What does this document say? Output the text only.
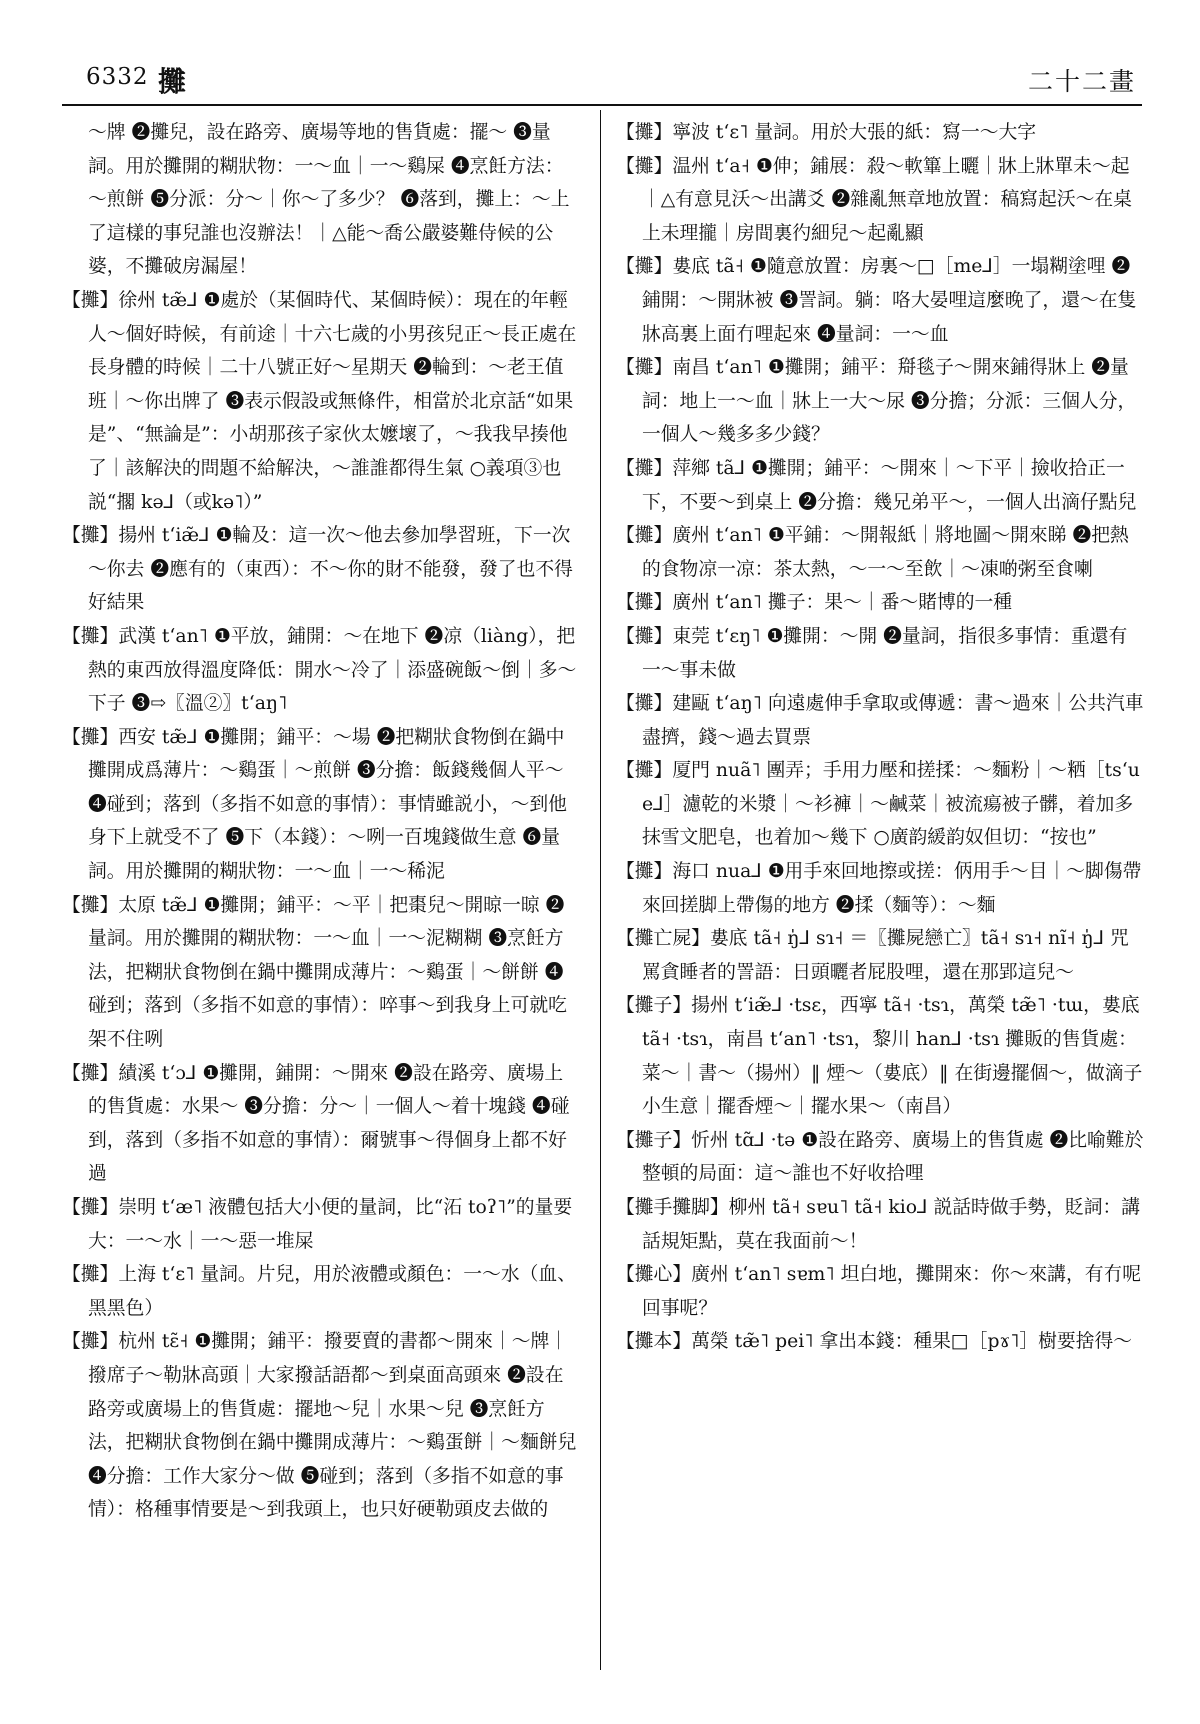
6332 攤	二十二畫

～牌 ❷攤兒，設在路旁、廣場等地的售貨處：擺～ ❸量詞。用於攤開的糊狀物：一～血｜一～鷄屎 ❹烹飪方法：～煎餅 ❺分派：分～｜你～了多少？ ❻落到，攤上：～上了這樣的事兒誰也沒辦法！｜△能～喬公嚴婆難侍候的公婆，不攤破房漏屋！

【攤】徐州 tæ̃⅃ ❶處於（某個時代、某個時候）：現在的年輕人～個好時候，有前途｜十六七歲的小男孩兒正～長正處在長身體的時候｜二十八號正好～星期天 ❷輪到：～老王值班｜～你出牌了 ❸表示假設或無條件，相當於北京話“如果是”、“無論是”：小胡那孩子家伙太嬤壞了，～我我早揍他了｜該解決的問題不給解決，～誰誰都得生氣 ○義項③也説“擱 kə⅃（或kə˥）”

【攤】揚州 tʻiæ̃⅃ ❶輪及：這一次～他去參加學習班，下一次～你去 ❷應有的（東西）：不～你的財不能發，發了也不得好結果

【攤】武漢 tʻan˥ ❶平放，鋪開：～在地下 ❷凉（liàng），把熱的東西放得溫度降低：開水～冷了｜添盛碗飯～倒｜多～下子 ❸⇨〖溫②〗tʻaŋ˥

【攤】西安 tæ̃⅃ ❶攤開；鋪平：～場 ❷把糊狀食物倒在鍋中攤開成爲薄片：～鷄蛋｜～煎餅 ❸分擔：飯錢幾個人平～ ❹碰到；落到（多指不如意的事情）：事情雖説小，～到他身下上就受不了 ❺下（本錢）：～咧一百塊錢做生意 ❻量詞。用於攤開的糊狀物：一～血｜一～稀泥

【攤】太原 tæ̃⅃ ❶攤開；鋪平：～平｜把棗兒～開晾一晾 ❷量詞。用於攤開的糊狀物：一～血｜一～泥糊糊 ❸烹飪方法，把糊狀食物倒在鍋中攤開成薄片：～鷄蛋｜～餅餅 ❹碰到；落到（多指不如意的事情）：啐事～到我身上可就吃架不住咧

【攤】績溪 tʻɔ⅃ ❶攤開，鋪開：～開來 ❷設在路旁、廣場上的售貨處：水果～ ❸分擔：分～｜一個人～着十塊錢 ❹碰到，落到（多指不如意的事情）：爾號事～得個身上都不好過

【攤】崇明 tʻæ˥ 液體包括大小便的量詞，比“沰 toʔ˥”的量要大：一～水｜一～惡一堆屎

【攤】上海 tʻɛ˥ 量詞。片兒，用於液體或顏色：一～水（血、黑黑色）

【攤】杭州 tɛ̃˧ ❶攤開；鋪平：撥要賣的書都～開來｜～牌｜撥席子～勒牀高頭｜大家撥話語都～到桌面高頭來 ❷設在路旁或廣場上的售貨處：擺地～兒｜水果～兒 ❸烹飪方法，把糊狀食物倒在鍋中攤開成薄片：～鷄蛋餅｜～麵餅兒 ❹分擔：工作大家分～做 ❺碰到；落到（多指不如意的事情）：格種事情要是～到我頭上，也只好硬勒頭皮去做的

【攤】寧波 tʻɛ˥ 量詞。用於大張的紙：寫一～大字

【攤】温州 tʻa˧ ❶伸；鋪展：殺～軟篳上曬｜牀上牀單未～起｜△有意見沃～出講爻 ❷雜亂無章地放置：稿寫起沃～在桌上未理攏｜房間裏彴細兒～起亂顯

【攤】婁底 tã˧ ❶隨意放置：房裏～□［me⅃］一塌糊塗哩 ❷鋪開：～開牀被 ❸詈詞。躺：咯大晏哩這麼晚了，還～在隻牀高裏上面冇哩起來 ❹量詞：一～血

【攤】南昌 tʻan˥ ❶攤開；鋪平：搿毯子～開來鋪得牀上 ❷量詞：地上一～血｜牀上一大～尿 ❸分擔；分派：三個人分，一個人～幾多多少錢？

【攤】萍鄉 tã⅃ ❶攤開；鋪平：～開來｜～下平｜撿收拾正一下，不要～到桌上 ❷分擔：幾兄弟平～，一個人出滴仔點兒

【攤】廣州 tʻan˥ ❶平鋪：～開報紙｜將地圖～開來睇 ❷把熱的食物凉一凉：茶太熱，～一～至飲｜～凍啲粥至食喇

【攤】廣州 tʻan˥ 攤子：果～｜番～賭博的一種

【攤】東莞 tʻɛŋ˥ ❶攤開：～開 ❷量詞，指很多事情：重還有一～事未做

【攤】建甌 tʻaŋ˥ 向遠處伸手拿取或傳遞：書～過來｜公共汽車盡擠，錢～過去買票

【攤】厦門 nuã˥ 團弄；手用力壓和搓揉：～麵粉｜～粞［tsʻue⅃］濾乾的米漿｜～衫褲｜～鹹菜｜被流瘍被子髒，着加多抹雪文肥皂，也着加～幾下 ○廣韵緩韵奴但切：“按也”

【攤】海口 nua⅃ ❶用手來回地擦或搓：㑂用手～目｜～脚傷帶來回搓脚上帶傷的地方 ❷揉（麵等）：～麵

【攤亡屍】婁底 tã˧ ŋ̍⅃ sɿ˧ ＝〖攤屍戀亡〗tã˧ sɿ˧ nĩ˧ ŋ̍⅃ 咒罵貪睡者的詈語：日頭曬者屁股哩，還在那郢這兒～

【攤子】揚州 tʻiæ̃⅃ ·tsɛ，西寧 tã˧ ·tsɿ，萬榮 tæ̃˥ ·tɯ，婁底 tã˧ ·tsɿ，南昌 tʻan˥ ·tsɿ，黎川 han⅃ ·tsɿ 攤販的售貨處：菜～｜書～（揚州）‖ 煙～（婁底）‖ 在街邊擺個～，做滴子小生意｜擺香煙～｜擺水果～（南昌）

【攤子】忻州 tɑ̃⅃ ·tə ❶設在路旁、廣場上的售貨處 ❷比喻難於整頓的局面：這～誰也不好收拾哩

【攤手攤脚】柳州 tã˧ sɐu˥ tã˧ kio⅃ 説話時做手勢，貶詞：講話規矩點，莫在我面前～！

【攤心】廣州 tʻan˥ sɐm˥ 坦白地，攤開來：你～來講，有冇呢回事呢？

【攤本】萬榮 tæ̃˥ pei˥ 拿出本錢：種果□［pɤ˥］樹要捨得～
